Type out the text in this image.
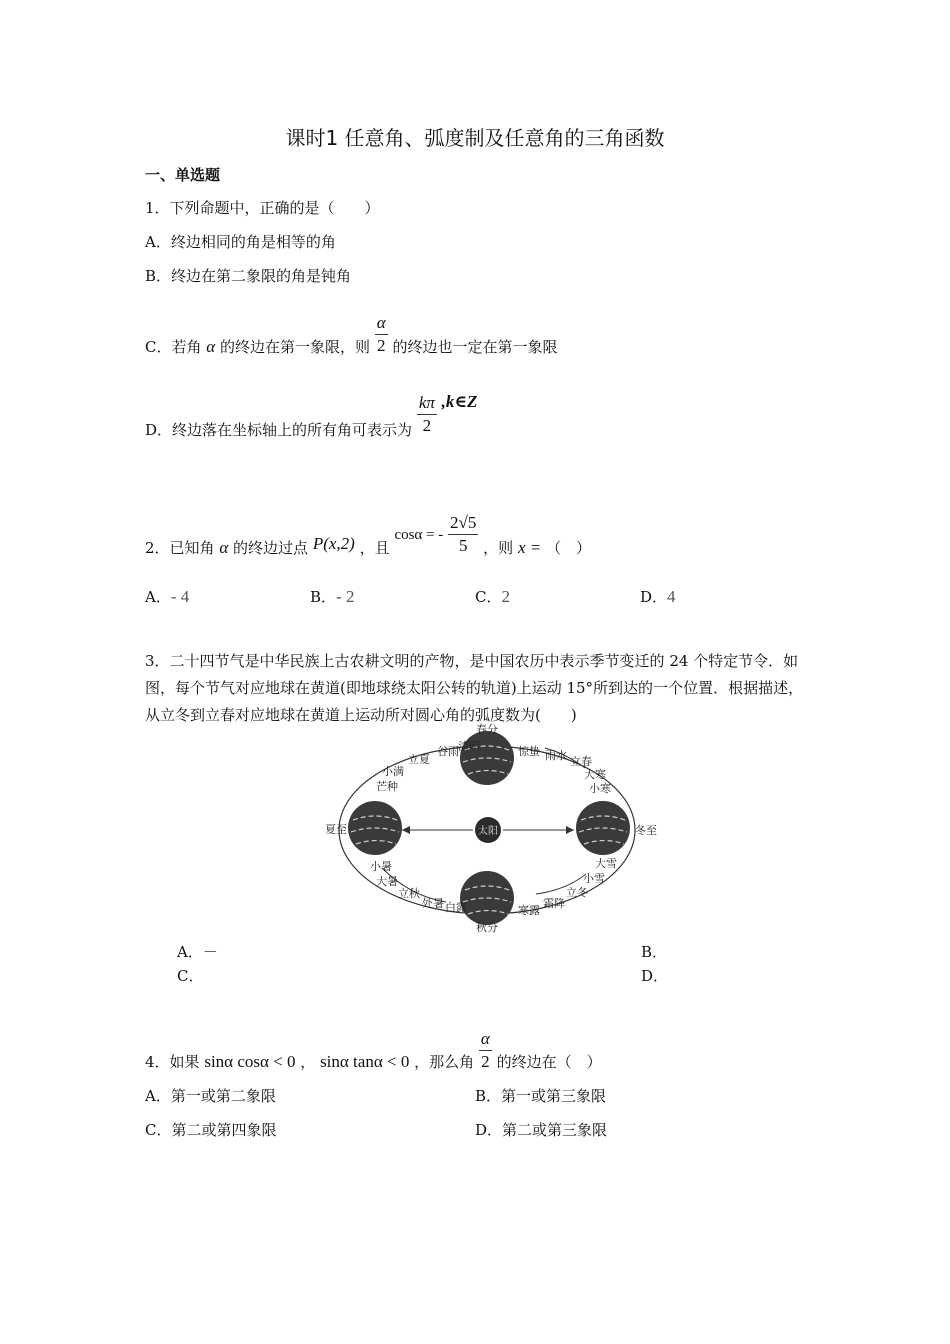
课时1 任意角、弧度制及任意角的三角函数
一、单选题
1．下列命题中，正确的是（　　）
A．终边相同的角是相等的角
B．终边在第二象限的角是钝角
C．若角 α 的终边在第一象限，则 $\frac{\alpha}{2}$ 的终边也一定在第一象限
D．终边落在坐标轴上的所有角可表示为 $\frac{k\pi}{2}$ ,k∈Z
2．已知角 α 的终边过点 P(x,2) ，且 cosα = - $\frac{2√5}{5}$ ，则 x = （　）
A．- 4	B．- 2	C．2	D．4
3．二十四节气是中华民族上古农耕文明的产物，是中国农历中表示季节变迁的 24 个特定节令．如图，每个节气对应地球在黄道(即地球绕太阳公转的轨道)上运动 15°所到达的一个位置．根据描述，从立冬到立春对应地球在黄道上运动所对圆心角的弧度数为(　　)
太阳
春分
秋分
夏至	冬至
谷雨 清明
立夏
小满
芒种
惊蛰 雨水 立春
大寒
小寒
小暑
大暑
立秋
处暑 白露	寒露
霜降
立冬
小雪
大雪
A．－	B．
C．	D．
4．如果 sinα cosα < 0 ， sinα tanα < 0 ，那么角 $\frac{\alpha}{2}$ 的终边在（　）
A．第一或第二象限	B．第一或第三象限
C．第二或第四象限	D．第二或第三象限
